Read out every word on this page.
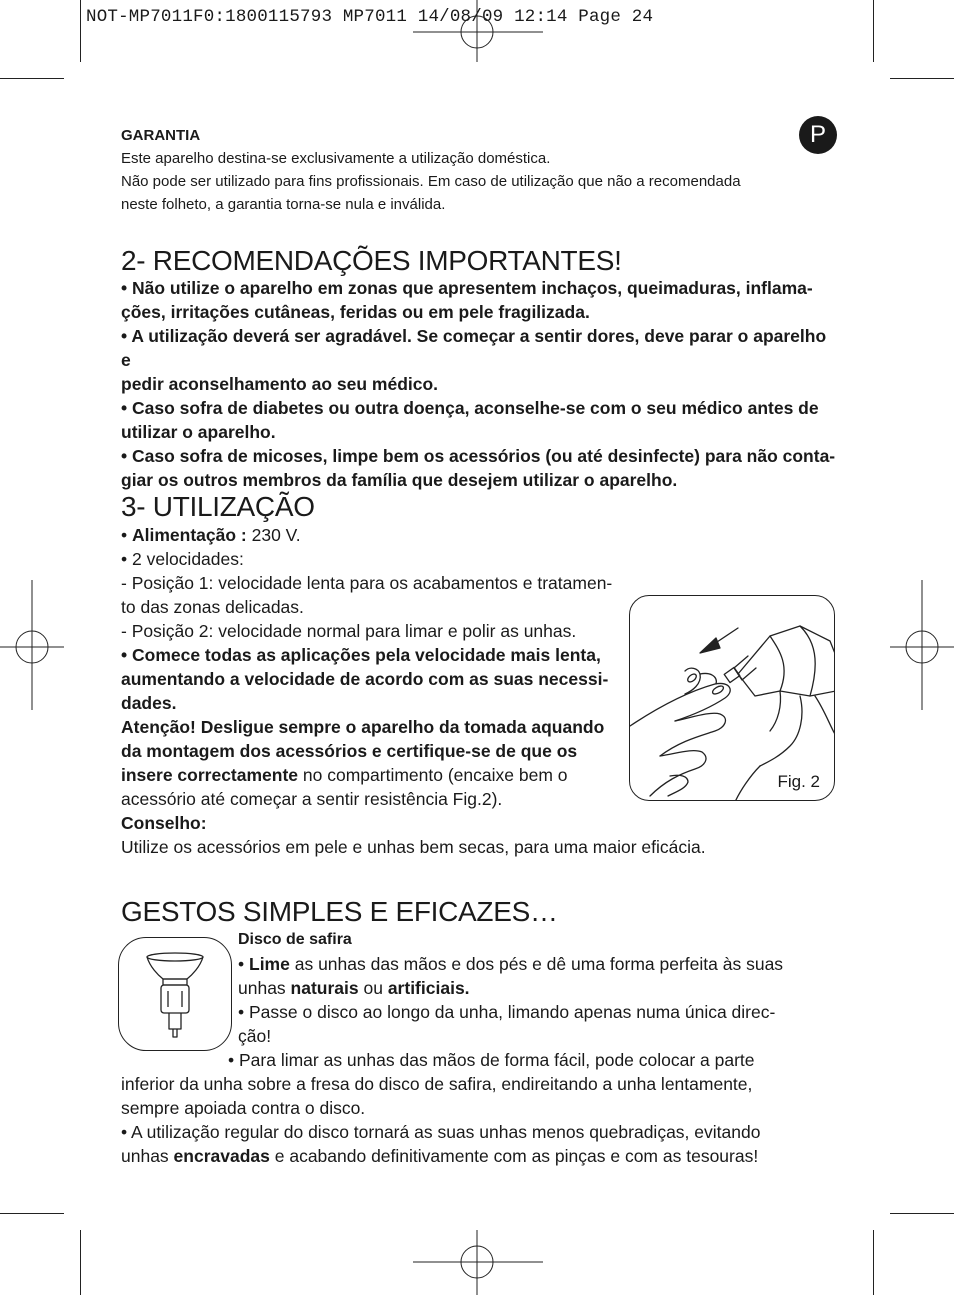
NOT-MP7011F0:1800115793 MP7011 14/08/09 12:14 Page 24
P

GARANTIA

Este aparelho destina-se exclusivamente a utilização doméstica.

Não pode ser utilizado para fins profissionais. Em caso de utilização que não a recomendada

neste folheto, a garantia torna-se nula e inválida.

2- RECOMENDAÇÕES IMPORTANTES!

• Não utilize o aparelho em zonas que apresentem inchaços, queimaduras, inflama-

ções, irritações cutâneas, feridas ou em pele fragilizada.

• A utilização deverá ser agradável. Se começar a sentir dores, deve parar o aparelho e

pedir aconselhamento ao seu médico.

• Caso sofra de diabetes ou outra doença, aconselhe-se com o seu médico antes de

utilizar o aparelho.

• Caso sofra de micoses, limpe bem os acessórios (ou até desinfecte) para não conta-

giar os outros membros da família que desejem utilizar o aparelho.

3- UTILIZAÇÃO

• Alimentação : 230 V.

• 2 velocidades:

- Posição 1: velocidade lenta para os acabamentos e tratamen-

to das zonas delicadas.

- Posição 2: velocidade normal para limar e polir as unhas.

• Comece todas as aplicações pela velocidade mais lenta,

aumentando a velocidade de acordo com as suas necessi-

dades.

Atenção! Desligue sempre o aparelho da tomada aquando

da montagem dos acessórios e certifique-se de que os

insere correctamente no compartimento (encaixe bem o

acessório até começar a sentir resistência Fig.2).

Conselho:

Utilize os acessórios em pele e unhas bem secas, para uma maior eficácia.
Fig. 2
GESTOS SIMPLES E EFICAZES…

Disco de safira

• Lime as unhas das mãos e dos pés e dê uma forma perfeita às suas

unhas naturais ou artificiais.

• Passe o disco ao longo da unha, limando apenas numa única direc-

ção!

• Para limar as unhas das mãos de forma fácil, pode colocar a parte

inferior da unha sobre a fresa do disco de safira, endireitando a unha lentamente,

sempre apoiada contra o disco.

• A utilização regular do disco tornará as suas unhas menos quebradiças, evitando

unhas encravadas e acabando definitivamente com as pinças e com as tesouras!
